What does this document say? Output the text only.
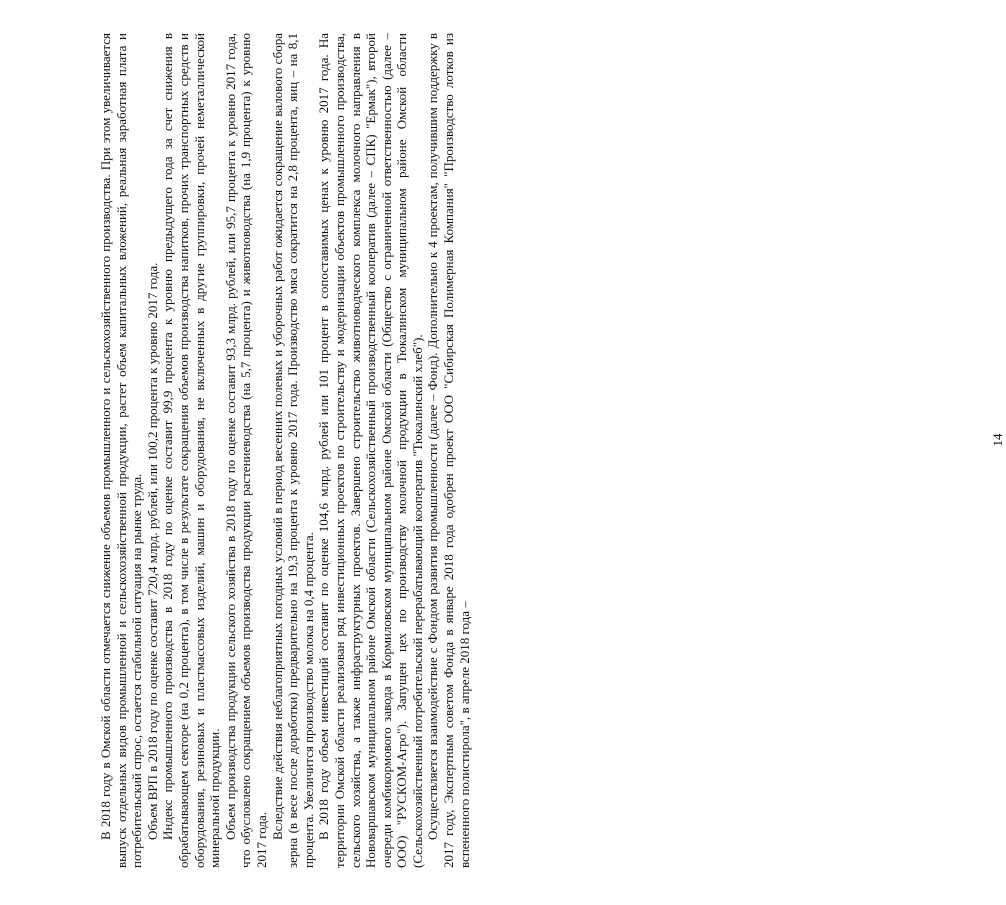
14

В 2018 году в Омской области отмечается снижение объемов промышленного и сельскохозяйственного производства. При этом увеличивается выпуск отдельных видов промышленной и сельскохозяйственной продукции, растет объем капитальных вложений, реальная заработная плата и потребительский спрос, остается стабильной ситуация на рынке труда. Объем ВРП в 2018 году по оценке составит 720,4 млрд. рублей, или 100,2 процента к уровню 2017 года. Индекс промышленного производства в 2018 году по оценке составит 99,9 процента к уровню предыдущего года за счет снижения в обрабатывающем секторе (на 0,2 процента), в том числе в результате сокращения объемов производства напитков, прочих транспортных средств и оборудования, резиновых и пластмассовых изделий, машин и оборудования, не включенных в другие группировки, прочей неметаллической минеральной продукции. Объем производства продукции сельского хозяйства в 2018 году по оценке составит 93,3 млрд. рублей, или 95,7 процента к уровню 2017 года, что обусловлено сокращением объемов производства продукции растениеводства (на 5,7 процента) и животноводства (на 1,9 процента) к уровню 2017 года. Вследствие действия неблагоприятных погодных условий в период весенних полевых и уборочных работ ожидается сокращение валового сбора зерна (в весе после доработки) предварительно на 19,3 процента к уровню 2017 года. Производство мяса сократится на 2,8 процента, яиц – на 8,1 процента. Увеличится производство молока на 0,4 процента. В 2018 году объем инвестиций составит по оценке 104,6 млрд. рублей или 101 процент в сопоставимых ценах к уровню 2017 года. На территории Омской области реализован ряд инвестиционных проектов по строительству и модернизации объектов промышленного производства, сельского хозяйства, а также инфраструктурных проектов. Завершено строительство животноводческого комплекса молочного направления в Нововаршавском муниципальном районе Омской области (Сельскохозяйственный производственный кооператив (далее – СПК) "Ермак"), второй очереди комбикормового завода в Кормиловском муниципальном районе Омской области (Общество с ограниченной ответственностью (далее – ООО) "РУСКОМ-Агро"). Запущен цех по производству молочной продукции в Тюкалинском муниципальном районе Омской области (Сельскохозяйственный потребительский перерабатывающий кооператив "Тюкалинский хлеб"). Осуществляется взаимодействие с Фондом развития промышленности (далее – Фонд). Дополнительно к 4 проектам, получившим поддержку в 2017 году, Экспертным советом Фонда в январе 2018 года одобрен проект ООО "Сибирская Полимерная Компания" "Производство лотков из вспененного полистирола", в апреле 2018 года –
